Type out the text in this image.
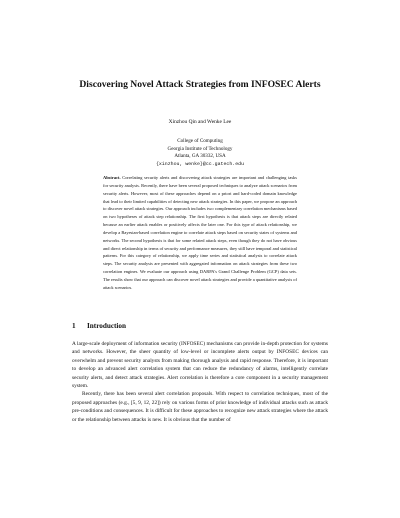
Discovering Novel Attack Strategies from INFOSEC Alerts
Xinzhou Qin and Wenke Lee
College of Computing
Georgia Institute of Technology
Atlanta, GA 30332, USA
{xinzhou, wenke}@cc.gatech.edu
Abstract. Correlating security alerts and discovering attack strategies are important and challenging tasks for security analysts. Recently, there have been several proposed techniques to analyze attack scenarios from security alerts. However, most of these approaches depend on a priori and hard-coded domain knowledge that lead to their limited capabilities of detecting new attack strategies. In this paper, we propose an approach to discover novel attack strategies. Our approach includes two complementary correlation mechanisms based on two hypotheses of attack step relationship. The first hypothesis is that attack steps are directly related because an earlier attack enables or positively affects the later one. For this type of attack relationship, we develop a Bayesian-based correlation engine to correlate attack steps based on security states of systems and networks. The second hypothesis is that for some related attack steps, even though they do not have obvious and direct relationship in terms of security and performance measures, they still have temporal and statistical patterns. For this category of relationship, we apply time series and statistical analysis to correlate attack steps. The security analysis are presented with aggregated information on attack strategies from these two correlation engines. We evaluate our approach using DARPA's Grand Challenge Problem (GCP) data sets. The results show that our approach can discover novel attack strategies and provide a quantitative analysis of attack scenarios.
1 Introduction

A large-scale deployment of information security (INFOSEC) mechanisms can provide in-depth protection for systems and networks. However, the sheer quantity of low-level or incomplete alerts output by INFOSEC devices can overwhelm and prevent security analysts from making thorough analysis and rapid response. Therefore, it is important to develop an advanced alert correlation system that can reduce the redundancy of alarms, intelligently correlate security alerts, and detect attack strategies. Alert correlation is therefore a core component in a security management system.

Recently, there has been several alert correlation proposals. With respect to correlation techniques, most of the proposed approaches (e.g., [5, 9, 12, 22]) rely on various forms of prior knowledge of individual attacks such as attack pre-conditions and consequences. It is difficult for these approaches to recognize new attack strategies where the attack or the relationship between attacks is new. It is obvious that the number of
